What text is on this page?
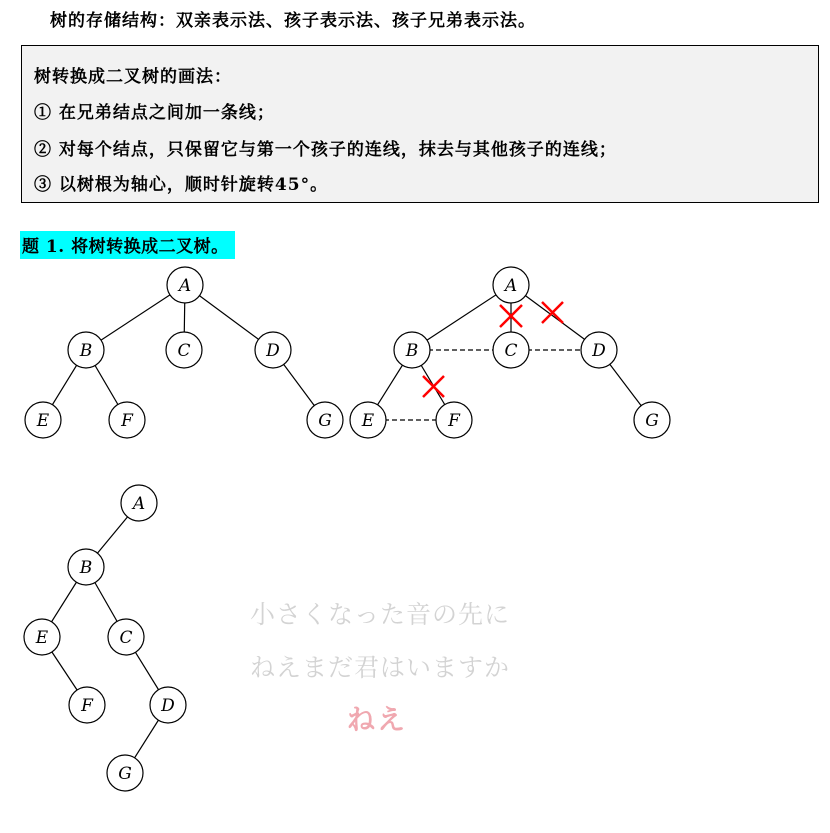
树的存储结构：双亲表示法、孩子表示法、孩子兄弟表示法。
树转换成二叉树的画法：
① 在兄弟结点之间加一条线；
② 对每个结点，只保留它与第一个孩子的连线，抹去与其他孩子的连线；
③ 以树根为轴心，顺时针旋转45°。
题 1. 将树转换成二叉树。
A
B	C	D
E	F	G
A
B	C	D
E	F	G
A
B
C
D
E
F
G
小さくなった音の先に
ねえまだ君はいますか
ねえ
